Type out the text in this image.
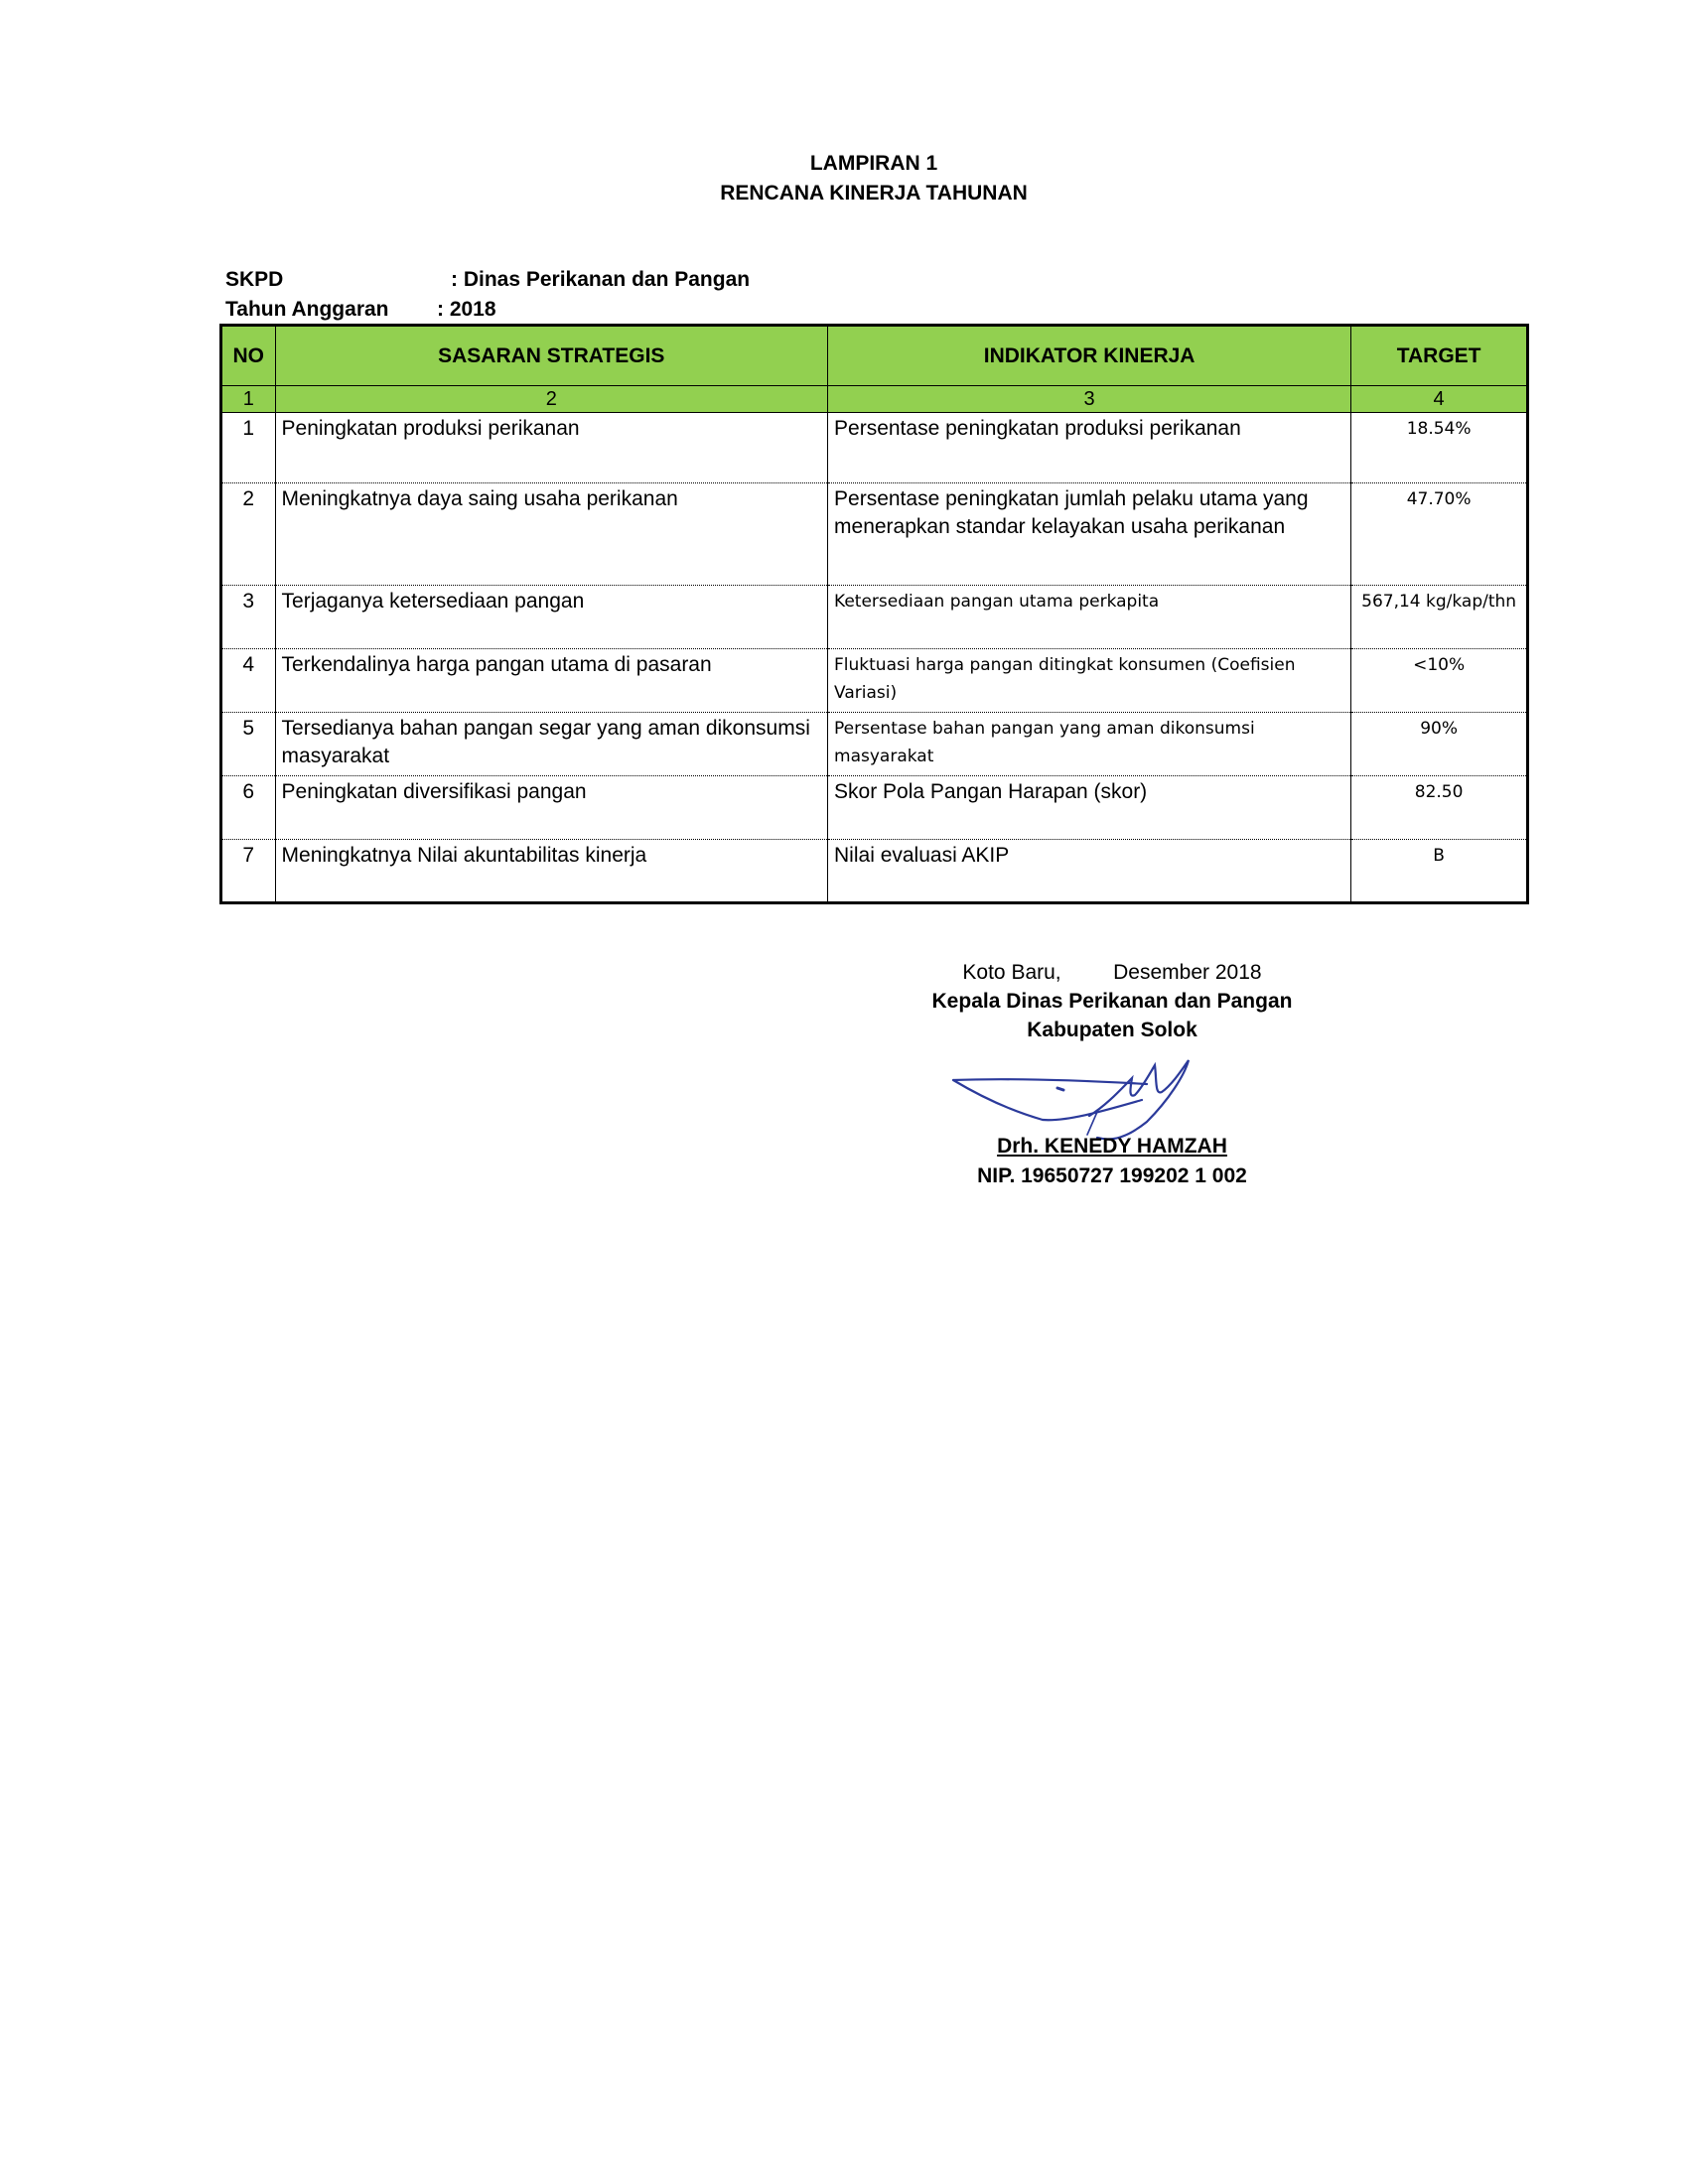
LAMPIRAN 1
RENCANA KINERJA TAHUNAN
SKPD	: Dinas Perikanan dan Pangan
Tahun Anggaran	: 2018
NO	SASARAN STRATEGIS	INDIKATOR KINERJA	TARGET
1	2	3	4
1	Peningkatan produksi perikanan	Persentase peningkatan produksi perikanan	18.54%
2	Meningkatnya daya saing usaha perikanan	Persentase peningkatan jumlah pelaku utama yang menerapkan standar kelayakan usaha perikanan	47.70%
3	Terjaganya ketersediaan pangan	Ketersediaan pangan utama perkapita	567,14 kg/kap/thn
4	Terkendalinya harga pangan utama di pasaran	Fluktuasi harga pangan ditingkat konsumen (Coefisien Variasi)	<10%
5	Tersedianya bahan pangan segar yang aman dikonsumsi masyarakat	Persentase bahan pangan yang aman dikonsumsi masyarakat	90%
6	Peningkatan diversifikasi pangan	Skor Pola Pangan Harapan (skor)	82.50
7	Meningkatnya Nilai akuntabilitas kinerja	Nilai evaluasi AKIP	B
Koto Baru,         Desember 2018
Kepala Dinas Perikanan dan Pangan
Kabupaten Solok
Drh. KENEDY HAMZAH
NIP. 19650727 199202 1 002
